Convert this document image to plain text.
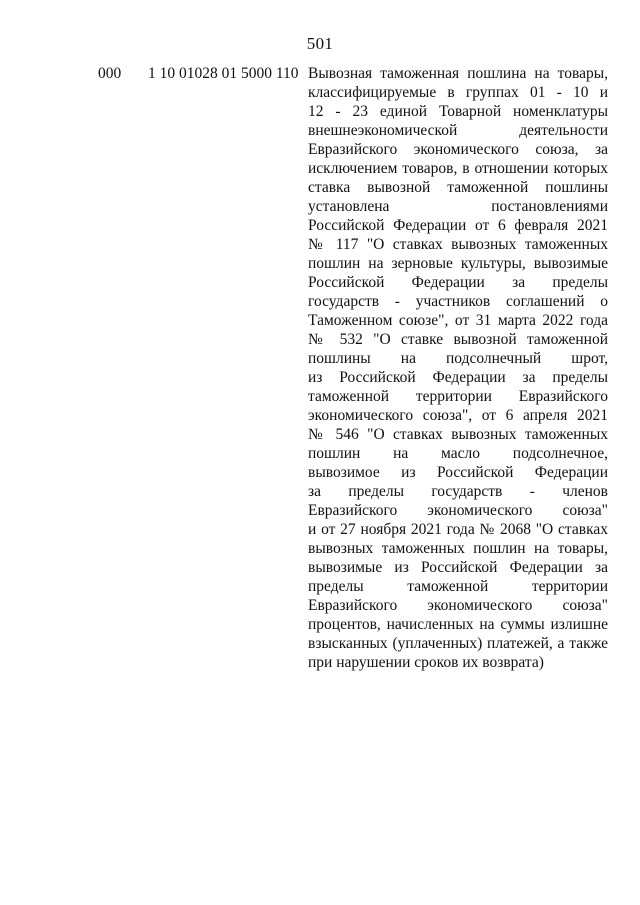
501
000 1 10 01028 01 5000 110 Вывозная таможенная пошлина на товары,
классифицируемые в группах 01 - 10 и
12 - 23 единой Товарной номенклатуры
внешнеэкономической деятельности
Евразийского экономического союза, за
исключением товаров, в отношении которых
ставка вывозной таможенной пошлины
установлена постановлениями
Российской Федерации от 6 февраля 2021
№ 117 "О ставках вывозных таможенных
пошлин на зерновые культуры, вывозимые
Российской Федерации за пределы
государств - участников соглашений о
Таможенном союзе", от 31 марта 2022 года
№ 532 "О ставке вывозной таможенной
пошлины на подсолнечный шрот,
из Российской Федерации за пределы
таможенной территории Евразийского
экономического союза", от 6 апреля 2021
№ 546 "О ставках вывозных таможенных
пошлин на масло подсолнечное,
вывозимое из Российской Федерации
за пределы государств - членов
Евразийского экономического союза"
и от 27 ноября 2021 года № 2068 "О ставках
вывозных таможенных пошлин на товары,
вывозимые из Российской Федерации за
пределы таможенной территории
Евразийского экономического союза"
процентов, начисленных на суммы излишне
взысканных (уплаченных) платежей, а также
при нарушении сроков их возврата)
